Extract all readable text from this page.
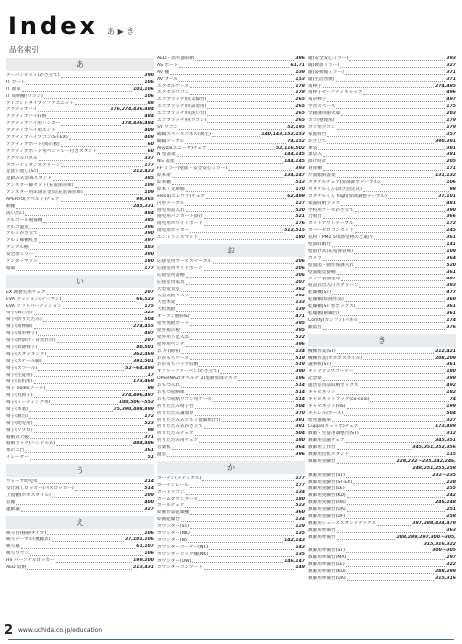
Index あ ▶ き
品名索引
あ
アーバンビット(かさ立て)	390
IT カート	106
IT 教卓	101,106
IT 収納棚(ワゴン)	106
アイコントタイプソファユニット	88
アクティブハイ	176,274,436,494
アクティブハイ収納	494
アクティブハイ用ハンガー	178,436,494
アクティブハイ用エンド	409
アクティブハイワゴン(ST-EX)	409
アクティブボード(掲示板)	60
アクティブボード用ペントレー付きスタンド	60
アクリルパネル	337
アコーディオンスクリーン	177
足洗い流し(ST)	212,423
足踏み式消毒スタンド	385
アンスター脚セット(充電保管庫)	109
アンスター用床固定金具(充電保管庫)	109
APERTO(アペルト)チェア	99,365
網棚	245,331
洗い出口	494
アルコール噴霧機	385
アルコ温室	396
アルミかさ立て	390
アルミ飾棚札き	397
アンクル棚	483
安全帯ミラー	390
アンダーマット	180
暗幕	177
い
EX 教務室用チェア	207
EVA クッション(テーマン)	66,523
EVA ソフトパーティション	175
椅子(舞台用)	523
椅子(折りたたみ)	504
椅子(角棒脚)	274,455
椅子(角形棒子)	497
椅子(肘掛け・背凭れ付)	207
椅子(昇降椅子)	40,501
椅子(スタッキング)	362,469
椅子(スチール脚)	391,501
椅子(スツール)	52〜64,499
椅子(生徒用)	17
椅子(長机用)	173,469
椅子 node(ノード)	98
椅子(丸椅子)	274,496,497
椅子(ミーティング用)	100,506〜552
椅子(木製)	75,390,498,499
椅子(教官)	172
椅子(幼児用)	523
椅子(リプロ)	98
移動式大鏡	371
移動ラック(ハンドル式)	484,486
糸のこ台	361
イレーザー	51
う
ウォーブ幼児用	214
受け渡しロッカー(パスロッカー)	514
上置棚(ホホスタイル)	209
宣搬	400
運動器	327
え
映写台(移動タイプ)	106
映写テーブル(視聴式)	37,101,106
映写幕	61,107
映写ワゴン	106
HS パーソナルロッカー	199,200
AED 収納	213,431
AED・消火器収納	386
AS ボード	61,71
AV 棚	139
AV ブース	153
エクセルケース	178
エクセルワゴン	178
エコブラッチ用(支脚台)	265
エコブラッチ用(試着用)	265
エコブラッチ用(洗い台)	265
エコブラッチ用(ワゴン)	265
SY ワゴン	52,195
鶴鶴スペースパネル(教生)	140,143,152,153
鶴鶴テーブル	74,152
Anyza(エニーザ)チェア	52,116,502
N 型書架	144,145
NG 書架	144,145
FF ミラー(壁面・安全安心ミラー)	393
絵本架	134,147
絵本棚	513
絵本・文庫棚	170
elevа(エレヴァ)チェア	62,499
円形テーブル	127
園児用品入れ	520
園児用パンカート掛け	521
園児用ホワイトボード	176
園児用ロッカー	512,515
エントランスマット	180
お
応接室用サービステーブル	206
応接室用サイドボード	206
応接室用書棚	206
応接室用家具	207
大型電気室	362
大型黒板マスク	392
大型木架	133
大机黒板	139
オープン棚(HS)	471
屋外黒板ボード	395
屋外掲示板	395
屋外用下足入れ	522
屋外用ベンチ	396
お 片(園用)	134
おかもちケース	519
おかもちバッグ収納	519
オフリーファーパン(かさ立て)	390
OPERNA2(オペルナ 2)電動昇降デスク	196
おもつ入れ	514
おもつ収納庫	514
おもつ収納ワゴン用ケース	514
折りたたみ椅子台	504
折りたたみ講義卓	370
折りたたみ式アルミ製脚机(台)	391
折りたたみ式かさ立て	391
折りたたみチェア	504
折りたたみ用チェア	180
音楽机	364
温室	396
か
カーテン(メディカル)	177
カーテンレール	177
カードワゴン	134
カームダウンブース	180
カールチェア	523
絵画作品乾燥棚	360
絵画乾燥台	134
カウンター(ST)	129
カウンター(NK)	135
カウンター(N)	142,143
カウンターコーナー(NT)	143
カウンターラック棚(NK)	135
カウンター(UW)	146,147
カウンターコンソート	149
鏡(安全安心ミラー)	393
鏡(教員ミラー)	327
鏡(姿勢鏡ミラー)	371
鏡(生活習慣)	371
角棒子	274,495
角棒子セーフティキャップ	496
角卓棒子	497
学習スペース	175
学籍簿用耐火庫	203
カゴ(整理用)	179
カゴ用ワゴン	179
家庭科台	357
かさ立て	390,391
傘袋	391
菓袋入	391
掛け時計	205
貨客棚	171
片面傾斜書架	131,132
カタチルチェア(昇降卸ボテーブル)	106
カタチルくん(高さ固定式)	98
カタチルくん high(昇降調整テーブル)	37,101
楽器収納ラック	481
学校用ケースかさ立て	390
合唱台	366
カットアウトテーブル	172
カバーゼロコンセント	245
花粉・PM2.5用感受物のご案内	361
壁面収納台	141
壁掛け式(充電保管庫)	109
カメラ	364
壁面図・動作保護入れ	520
壁面総見掛棚	361
カラー表面塗布	497
仮設式出入口スクリーン	383
乾燥機(ST)	477
乾燥棚(絵画作品)	360
乾燥棚(ST 型ボックス)	361
乾燥棚(耐鋼台)	361
Comfy(カンフィ)パネル	174
顕賞台	376
き
機械作業(ST)	212,421
機械作業(ホホホスタイル)	208,209
議事机(ST)	361
キックアップコーナー	180
記念楽	399
運営室用品収納ボックス	492
キャビネット	182
キャビネットラック(co-colo)	74
キャビネット(HS)	199
キャレル(ブース)	504
給食運搬車	327
Cuppo(キュッポ)チェア	173,499
教師・生徒用調整台(ST)	312
教師用会議チェア	345,351
教師用工作台	345,351,352,356
教師用出机スタンド	115
教師用実験台	228,232〜235,242,246,
248,251,255,258
教師用実験台(ST)	232〜235
教師用実験台(ST-EX)	228
教師用実験台(LE)	255
教師用実験台(KD)	242
教師用実験台(HA)	246,248
教師用実験台(UA)	251
教師用実験台(UF)	258
教師用ジューススタンドアックス	387,388,434,479
教師用準備台	363
教師用準備台	288,289,297,300〜305,
315,316,322
教師用準備台(ST)	300〜305
教師用準備台(MA)	297
教師用準備台(LE)	322
教師用準備台(KD)	288,289
教師用準備台(UA)	315,316
2 www.uchida.co.jp/education
